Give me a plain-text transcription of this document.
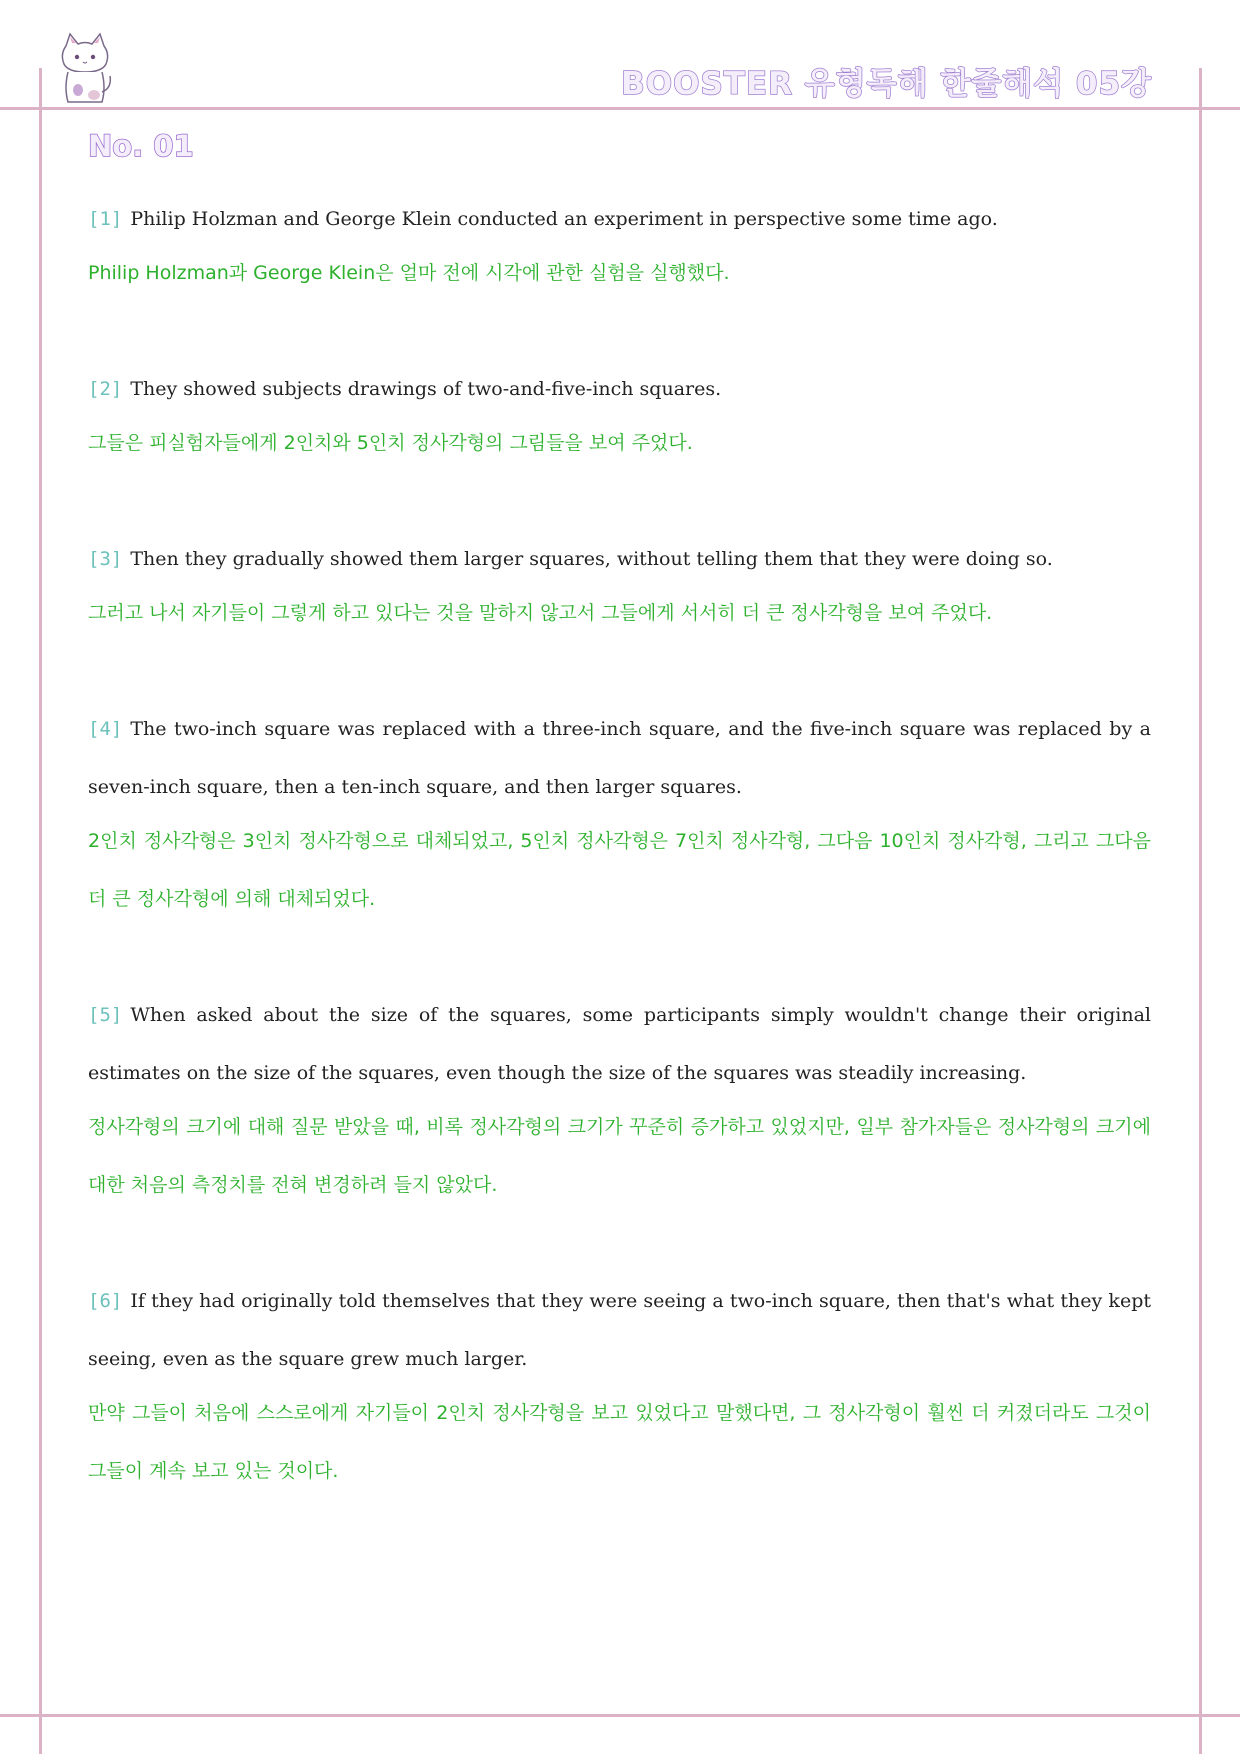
BOOSTER 유형독해 한줄해석 05강
No. 01
[1] Philip Holzman and George Klein conducted an experiment in perspective some time ago.
Philip Holzman과 George Klein은 얼마 전에 시각에 관한 실험을 실행했다.
[2] They showed subjects drawings of two-and-five-inch squares.
그들은 피실험자들에게 2인치와 5인치 정사각형의 그림들을 보여 주었다.
[3] Then they gradually showed them larger squares, without telling them that they were doing so.
그러고 나서 자기들이 그렇게 하고 있다는 것을 말하지 않고서 그들에게 서서히 더 큰 정사각형을 보여 주었다.
[4] The two-inch square was replaced with a three-inch square, and the five-inch square was replaced by a seven-inch square, then a ten-inch square, and then larger squares.
2인치 정사각형은 3인치 정사각형으로 대체되었고, 5인치 정사각형은 7인치 정사각형, 그다음 10인치 정사각형, 그리고 그다음 더 큰 정사각형에 의해 대체되었다.
[5] When asked about the size of the squares, some participants simply wouldn't change their original estimates on the size of the squares, even though the size of the squares was steadily increasing.
정사각형의 크기에 대해 질문 받았을 때, 비록 정사각형의 크기가 꾸준히 증가하고 있었지만, 일부 참가자들은 정사각형의 크기에 대한 처음의 측정치를 전혀 변경하려 들지 않았다.
[6] If they had originally told themselves that they were seeing a two-inch square, then that's what they kept seeing, even as the square grew much larger.
만약 그들이 처음에 스스로에게 자기들이 2인치 정사각형을 보고 있었다고 말했다면, 그 정사각형이 훨씬 더 커졌더라도 그것이 그들이 계속 보고 있는 것이다.
